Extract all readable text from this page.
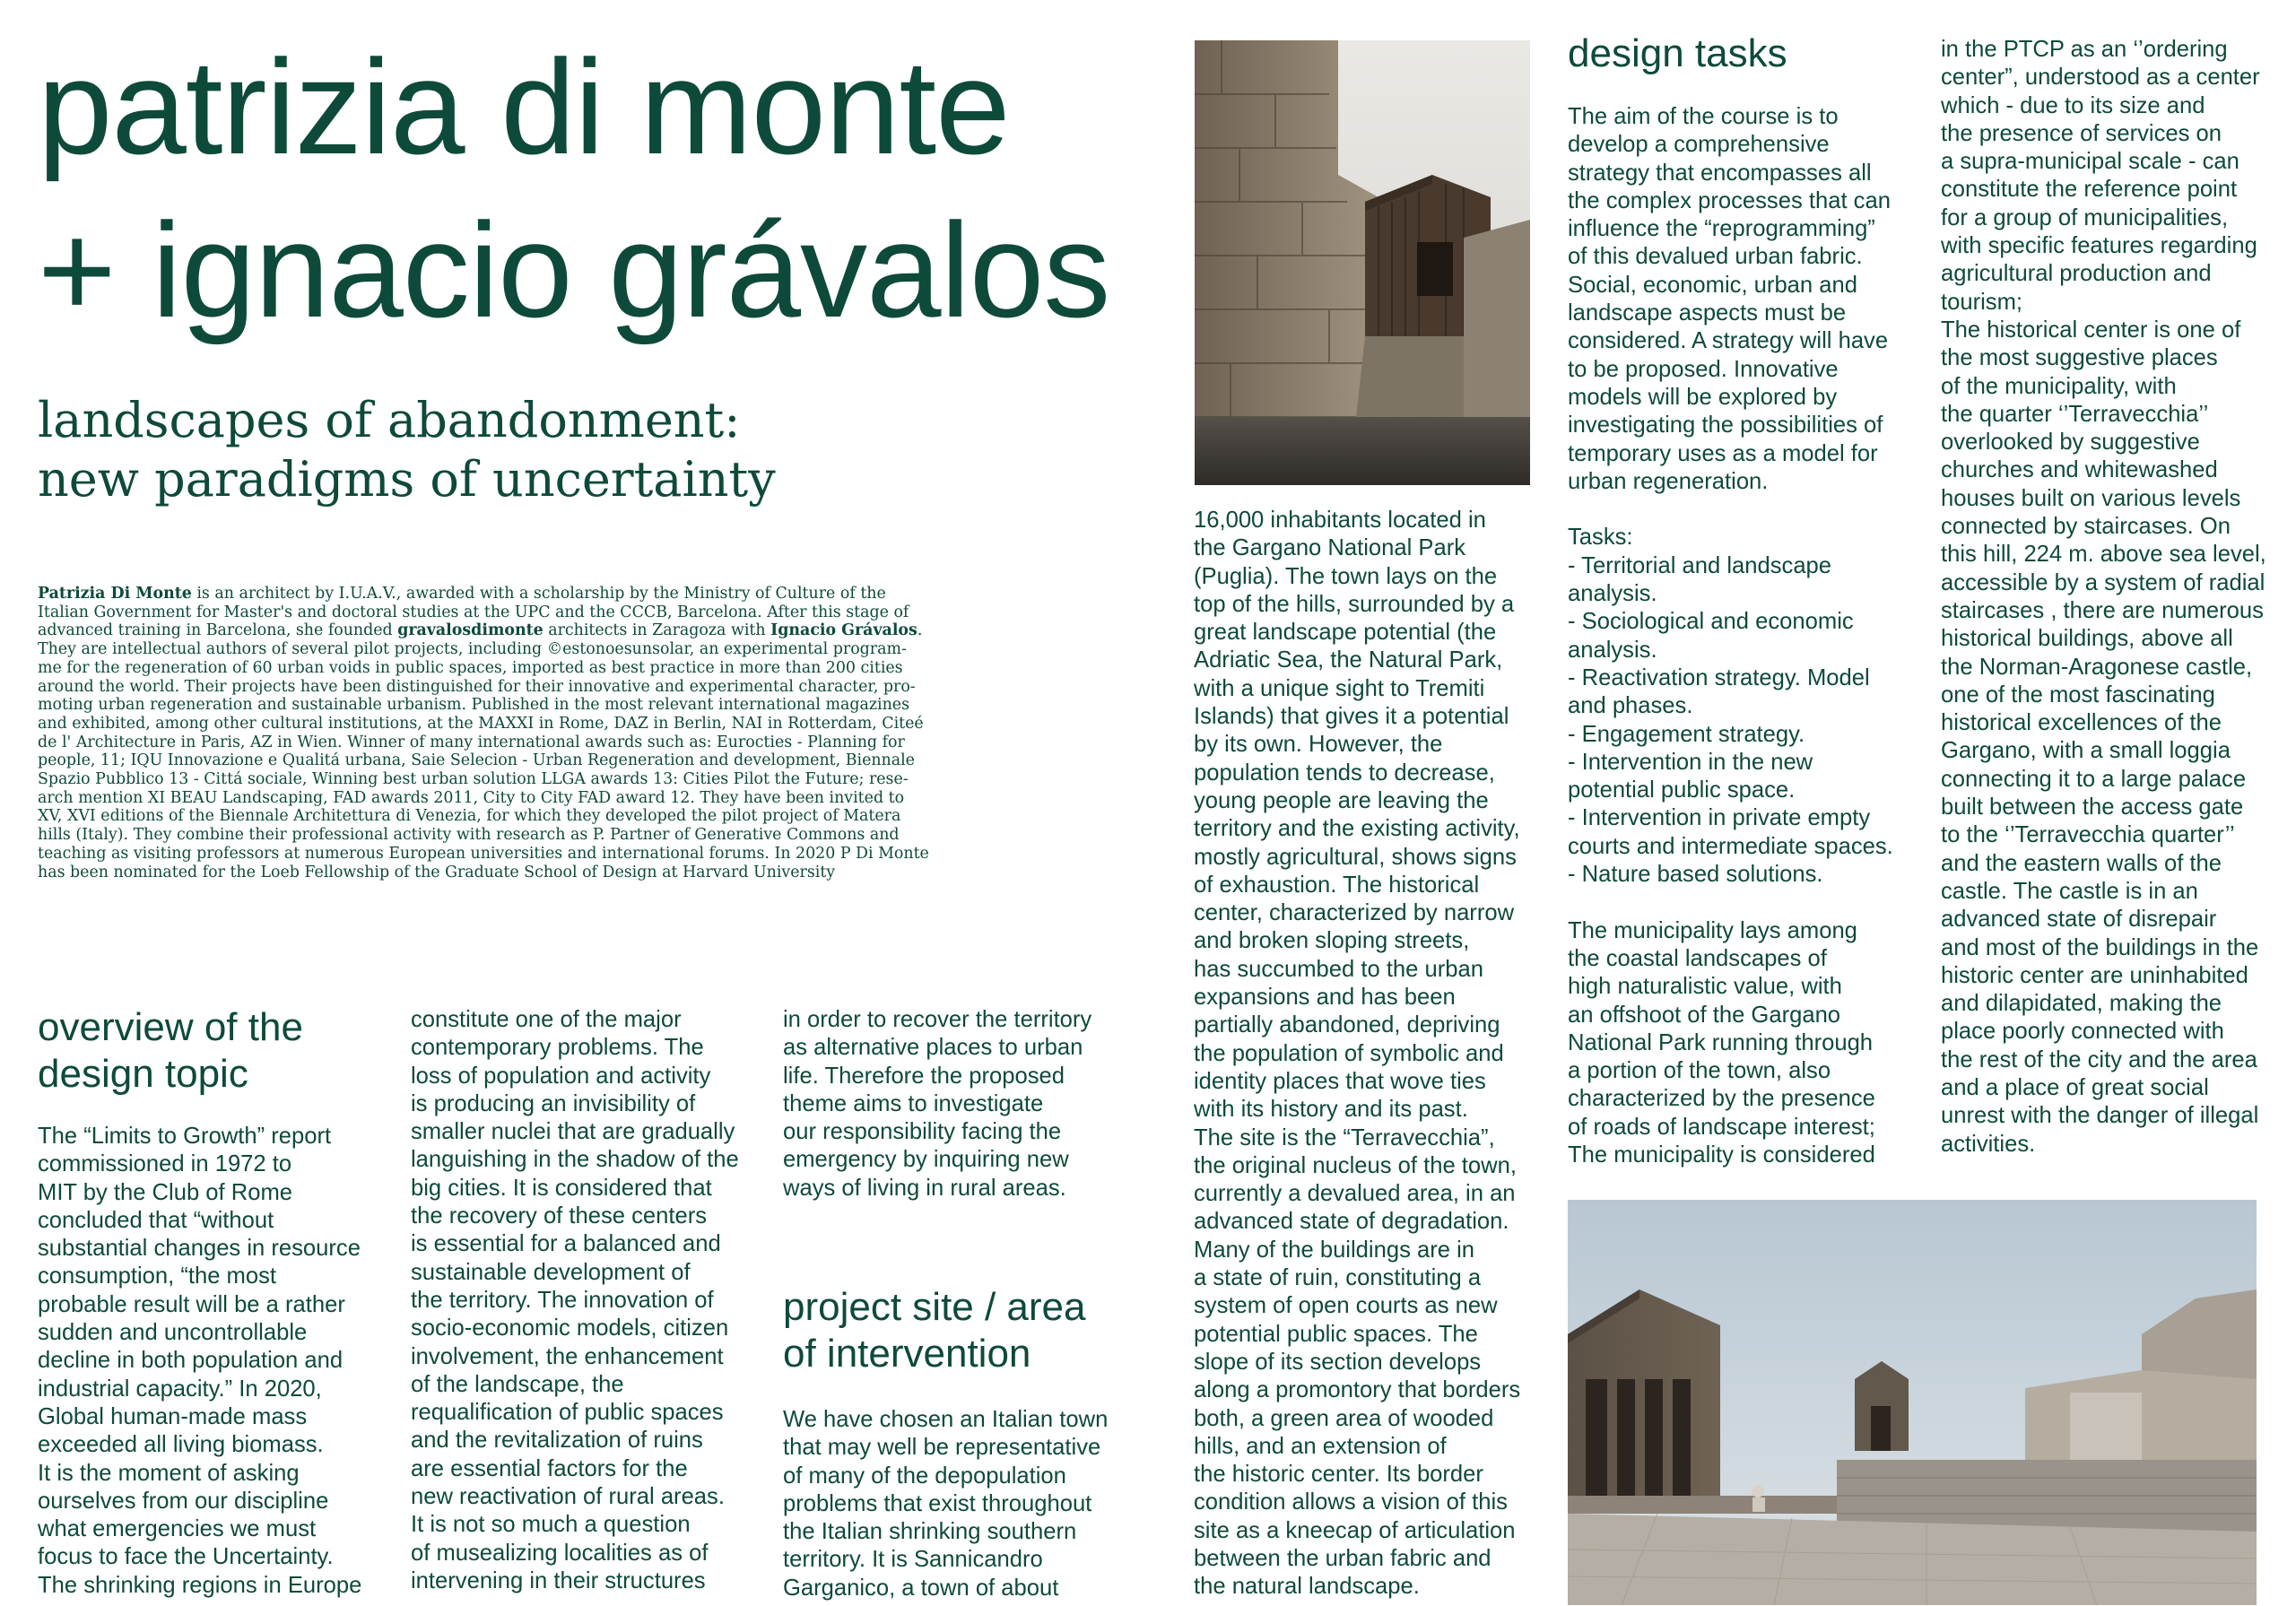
patrizia di monte
+ ignacio grávalos
landscapes of abandonment:
new paradigms of uncertainty
Patrizia Di Monte is an architect by I.U.A.V., awarded with a scholarship by the Ministry of Culture of the
Italian Government for Master's and doctoral studies at the UPC and the CCCB, Barcelona. After this stage of
advanced training in Barcelona, she founded gravalosdimonte architects in Zaragoza with Ignacio Grávalos.
They are intellectual authors of several pilot projects, including ©estonoesunsolar, an experimental program-
me for the regeneration of 60 urban voids in public spaces, imported as best practice in more than 200 cities
around the world. Their projects have been distinguished for their innovative and experimental character, pro-
moting urban regeneration and sustainable urbanism. Published in the most relevant international magazines
and exhibited, among other cultural institutions, at the MAXXI in Rome, DAZ in Berlin, NAI in Rotterdam, Citeé
de l' Architecture in Paris, AZ in Wien. Winner of many international awards such as: Eurocties - Planning for
people, 11; IQU Innovazione e Qualitá urbana, Saie Selecion - Urban Regeneration and development, Biennale
Spazio Pubblico 13 - Cittá sociale, Winning best urban solution LLGA awards 13: Cities Pilot the Future; rese-
arch mention XI BEAU Landscaping, FAD awards 2011, City to City FAD award 12. They have been invited to
XV, XVI editions of the Biennale Architettura di Venezia, for which they developed the pilot project of Matera
hills (Italy). They combine their professional activity with research as P. Partner of Generative Commons and
teaching as visiting professors at numerous European universities and international forums. In 2020 P Di Monte
has been nominated for the Loeb Fellowship of the Graduate School of Design at Harvard University
overview of the
design topic
The “Limits to Growth” report
commissioned in 1972 to
MIT by the Club of Rome
concluded that “without
substantial changes in resource
consumption, “the most
probable result will be a rather
sudden and uncontrollable
decline in both population and
industrial capacity.” In 2020,
Global human-made mass
exceeded all living biomass.
It is the moment of asking
ourselves from our discipline
what emergencies we must
focus to face the Uncertainty.
The shrinking regions in Europe
constitute one of the major
contemporary problems. The
loss of population and activity
is producing an invisibility of
smaller nuclei that are gradually
languishing in the shadow of the
big cities. It is considered that
the recovery of these centers
is essential for a balanced and
sustainable development of
the territory. The innovation of
socio-economic models, citizen
involvement, the enhancement
of the landscape, the
requalification of public spaces
and the revitalization of ruins
are essential factors for the
new reactivation of rural areas.
It is not so much a question
of musealizing localities as of
intervening in their structures
in order to recover the territory
as alternative places to urban
life. Therefore the proposed
theme aims to investigate
our responsibility facing the
emergency by inquiring new
ways of living in rural areas.
project site / area
of intervention
We have chosen an Italian town
that may well be representative
of many of the depopulation
problems that exist throughout
the Italian shrinking southern
territory. It is Sannicandro
Garganico, a town of about
16,000 inhabitants located in
the Gargano National Park
(Puglia). The town lays on the
top of the hills, surrounded by a
great landscape potential (the
Adriatic Sea, the Natural Park,
with a unique sight to Tremiti
Islands) that gives it a potential
by its own. However, the
population tends to decrease,
young people are leaving the
territory and the existing activity,
mostly agricultural, shows signs
of exhaustion. The historical
center, characterized by narrow
and broken sloping streets,
has succumbed to the urban
expansions and has been
partially abandoned, depriving
the population of symbolic and
identity places that wove ties
with its history and its past.
The site is the “Terravecchia”,
the original nucleus of the town,
currently a devalued area, in an
advanced state of degradation.
Many of the buildings are in
a state of ruin, constituting a
system of open courts as new
potential public spaces. The
slope of its section develops
along a promontory that borders
both, a green area of wooded
hills, and an extension of
the historic center. Its border
condition allows a vision of this
site as a kneecap of articulation
between the urban fabric and
the natural landscape.
design tasks
The aim of the course is to
develop a comprehensive
strategy that encompasses all
the complex processes that can
influence the “reprogramming”
of this devalued urban fabric.
Social, economic, urban and
landscape aspects must be
considered. A strategy will have
to be proposed. Innovative
models will be explored by
investigating the possibilities of
temporary uses as a model for
urban regeneration.

Tasks:
- Territorial and landscape
analysis.
- Sociological and economic
analysis.
- Reactivation strategy. Model
and phases.
- Engagement strategy.
- Intervention in the new
potential public space.
- Intervention in private empty
courts and intermediate spaces.
- Nature based solutions.

The municipality lays among
the coastal landscapes of
high naturalistic value, with
an offshoot of the Gargano
National Park running through
a portion of the town, also
characterized by the presence
of roads of landscape interest;
The municipality is considered
in the PTCP as an ‘’ordering
center”, understood as a center
which - due to its size and
the presence of services on
a supra-municipal scale - can
constitute the reference point
for a group of municipalities,
with specific features regarding
agricultural production and
tourism;
The historical center is one of
the most suggestive places
of the municipality, with
the quarter ‘’Terravecchia’’
overlooked by suggestive
churches and whitewashed
houses built on various levels
connected by staircases. On
this hill, 224 m. above sea level,
accessible by a system of radial
staircases , there are numerous
historical buildings, above all
the Norman-Aragonese castle,
one of the most fascinating
historical excellences of the
Gargano, with a small loggia
connecting it to a large palace
built between the access gate
to the ‘’Terravecchia quarter’’
and the eastern walls of the
castle. The castle is in an
advanced state of disrepair
and most of the buildings in the
historic center are uninhabited
and dilapidated, making the
place poorly connected with
the rest of the city and the area
and a place of great social
unrest with the danger of illegal
activities.
